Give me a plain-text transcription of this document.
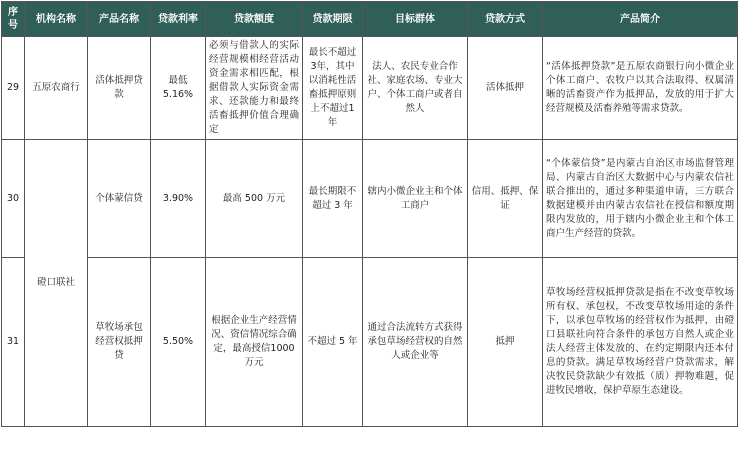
序号	机构名称	产品名称	贷款利率	贷款额度	贷款期限	目标群体	贷款方式	产品简介
29	五原农商行	活体抵押贷款	最低 5.16%	必须与借款人的实际经营规模相经营活动资金需求相匹配，根据借款人实际资金需求、还款能力和最终活畜抵押价值合理确定	最长不超过3年，其中以消耗性活畜抵押原则上不超过1年	法人、农民专业合作社、家庭农场、专业大户、个体工商户或者自然人	活体抵押	“活体抵押贷款”是五原农商银行向小微企业个体工商户、农牧户以其合法取得、权属清晰的活畜资产作为抵押品，发放的用于扩大经营规模及活畜养殖等需求贷款。
30	磴口联社	个体蒙信贷	3.90%	最高 500 万元	最长期限不超过 3 年	辖内小微企业主和个体工商户	信用、抵押、保证	“个体蒙信贷”是内蒙古自治区市场监督管理局、内蒙古自治区大数据中心与内蒙农信社联合推出的，通过多种渠道申请，三方联合数据建模并由内蒙古农信社在授信和额度期限内发放的，用于辖内小微企业主和个体工商户生产经营的贷款。
31		草牧场承包经营权抵押贷	5.50%	根据企业生产经营情况、资信情况综合确定，最高授信1000 万元	不超过 5 年	通过合法流转方式获得承包草场经营权的自然人或企业等	抵押	草牧场经营权抵押贷款是指在不改变草牧场所有权、承包权，不改变草牧场用途的条件下，以承包草牧场的经营权作为抵押，由磴口县联社向符合条件的承包方自然人或企业法人经营主体发放的、在约定期限内还本付息的贷款。满足草牧场经营户贷款需求，解决牧民贷款缺少有效抵（质）押物难题，促进牧民增收，保护草原生态建设。
